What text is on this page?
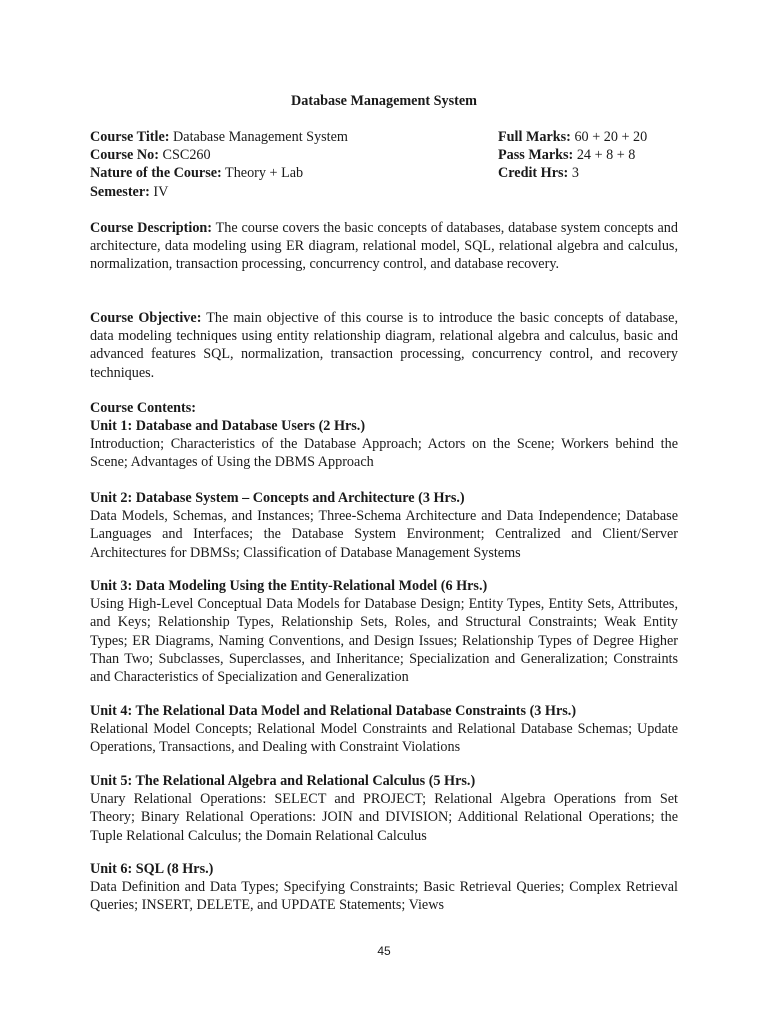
Database Management System
Course Title: Database Management System
Course No: CSC260
Nature of the Course: Theory + Lab
Semester: IV
Full Marks: 60 + 20 + 20
Pass Marks: 24 + 8 + 8
Credit Hrs: 3
Course Description: The course covers the basic concepts of databases, database system concepts and architecture, data modeling using ER diagram, relational model, SQL, relational algebra and calculus, normalization, transaction processing, concurrency control, and database recovery.
Course Objective: The main objective of this course is to introduce the basic concepts of database, data modeling techniques using entity relationship diagram, relational algebra and calculus, basic and advanced features SQL, normalization, transaction processing, concurrency control, and recovery techniques.
Course Contents:
Unit 1: Database and Database Users (2 Hrs.)
Introduction; Characteristics of the Database Approach; Actors on the Scene; Workers behind the Scene; Advantages of Using the DBMS Approach
Unit 2: Database System – Concepts and Architecture (3 Hrs.)
Data Models, Schemas, and Instances; Three-Schema Architecture and Data Independence; Database Languages and Interfaces; the Database System Environment; Centralized and Client/Server Architectures for DBMSs; Classification of Database Management Systems
Unit 3: Data Modeling Using the Entity-Relational Model (6 Hrs.)
Using High-Level Conceptual Data Models for Database Design; Entity Types, Entity Sets, Attributes, and Keys; Relationship Types, Relationship Sets, Roles, and Structural Constraints; Weak Entity Types; ER Diagrams, Naming Conventions, and Design Issues; Relationship Types of Degree Higher Than Two; Subclasses, Superclasses, and Inheritance; Specialization and Generalization; Constraints and Characteristics of Specialization and Generalization
Unit 4: The Relational Data Model and Relational Database Constraints (3 Hrs.)
Relational Model Concepts; Relational Model Constraints and Relational Database Schemas; Update Operations, Transactions, and Dealing with Constraint Violations
Unit 5: The Relational Algebra and Relational Calculus (5 Hrs.)
Unary Relational Operations: SELECT and PROJECT; Relational Algebra Operations from Set Theory; Binary Relational Operations: JOIN and DIVISION; Additional Relational Operations; the Tuple Relational Calculus; the Domain Relational Calculus
Unit 6: SQL (8 Hrs.)
Data Definition and Data Types; Specifying Constraints; Basic Retrieval Queries; Complex Retrieval Queries; INSERT, DELETE, and UPDATE Statements; Views
45
